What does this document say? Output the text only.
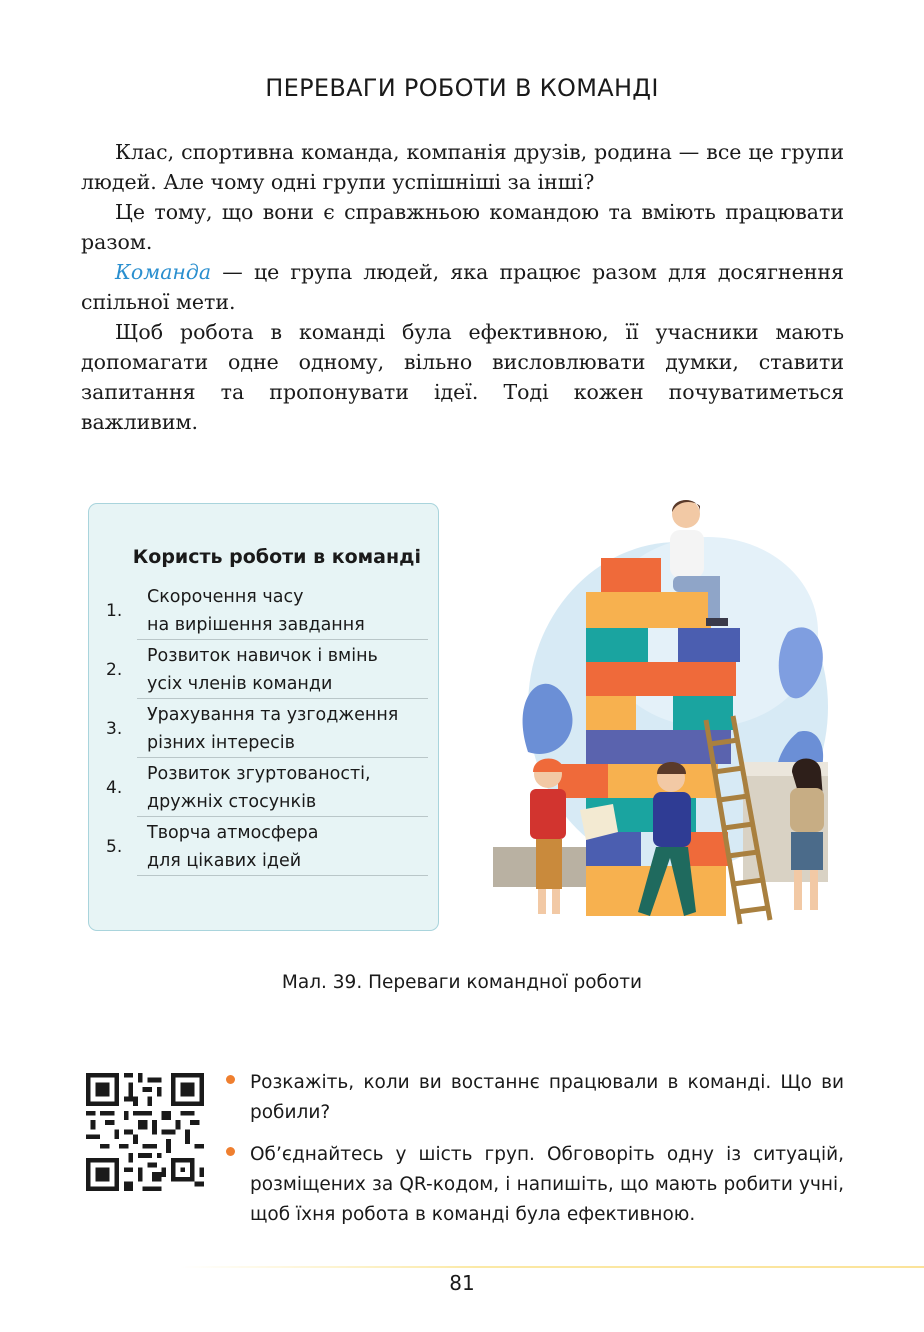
ПЕРЕВАГИ РОБОТИ В КОМАНДІ

Клас, спортивна команда, компанія друзів, родина — все це групи людей. Але чому одні групи успішніші за інші?

Це тому, що вони є справжньою командою та вміють працювати разом.

Команда — це група людей, яка працює разом для досягнення спільної мети.

Щоб робота в команді була ефективною, її учасники мають допомагати одне одному, вільно висловлювати думки, ставити запитання та пропонувати ідеї. Тоді кожен почуватиметься важливим.

Користь роботи в команді
1.
Скорочення часу
на вирішення завдання
2.
Розвиток навичок і вмінь
усіх членів команди
3.
Урахування та узгодження
різних інтересів
4.
Розвиток згуртованості,
дружніх стосунків
5.
Творча атмосфера
для цікавих ідей
Мал. 39. Переваги командної роботи
Розкажіть, коли ви востаннє працювали в команді. Що ви робили?
Об’єднайтесь у шість груп. Обговоріть одну із ситуацій, розміщених за QR-кодом, і напишіть, що мають робити учні, щоб їхня робота в команді була ефективною.
81
